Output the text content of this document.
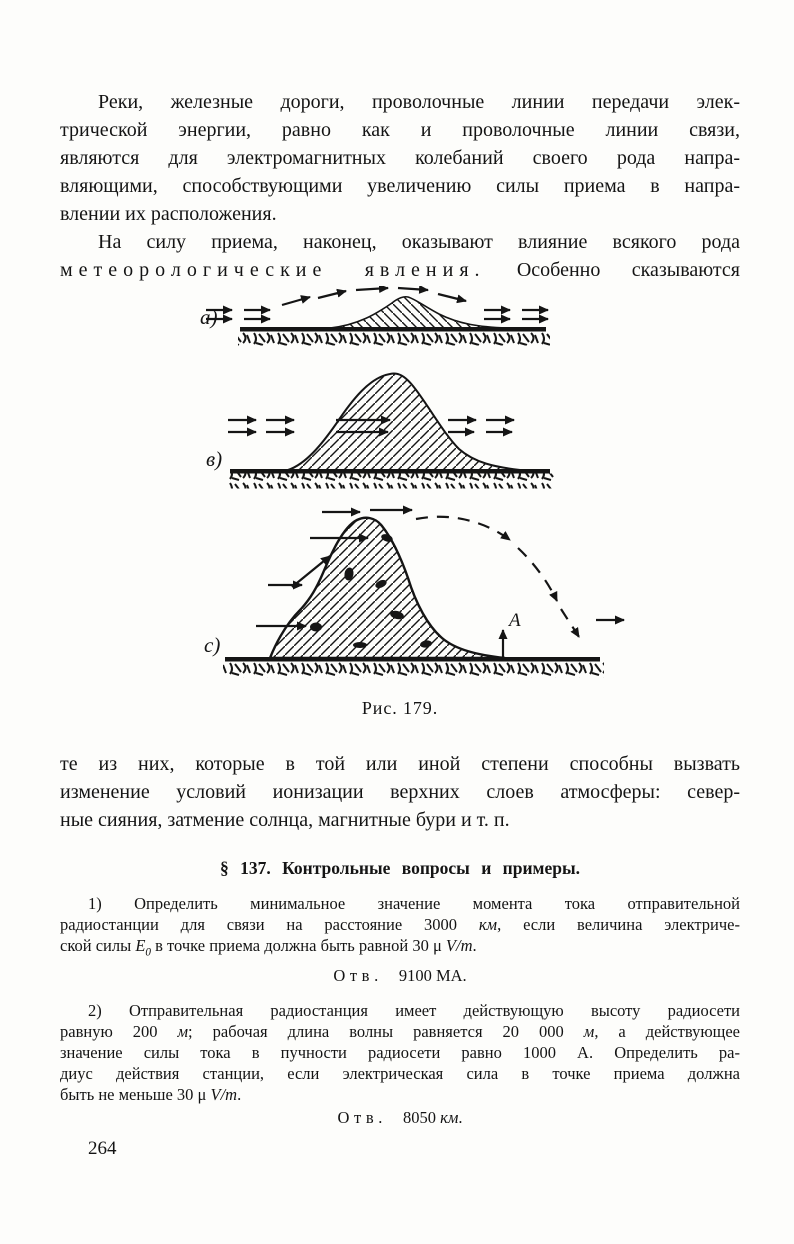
Реки, железные дороги, проволочные линии передачи элек-
трической энергии, равно как и проволочные линии связи,
являются для электромагнитных колебаний своего рода напра-
вляющими, способствующими увеличению силы приема в напра-
влении их расположения.
На силу приема, наконец, оказывают влияние всякого рода
метеорологические явления. Особенно сказываются
а)
в)
А
с)
Рис. 179.
те из них, которые в той или иной степени способны вызвать
изменение условий ионизации верхних слоев атмосферы: север-
ные сияния, затмение солнца, магнитные бури и т. п.
§ 137. Контрольные вопросы и примеры.
1) Определить минимальное значение момента тока отправительной
радиостанции для связи на расстояние 3000 км, если величина электриче-
ской силы $E_0$ в точке приема должна быть равной 30 μ V/m.
Отв. 9100 МА.
2) Отправительная радиостанция имеет действующую высоту радиосети
равную 200 м; рабочая длина волны равняется 20 000 м, а действующее
значение силы тока в пучности радиосети равно 1000 А. Определить ра-
диус действия станции, если электрическая сила в точке приема должна
быть не меньше 30 μ V/m.
Отв. 8050 км.
264
